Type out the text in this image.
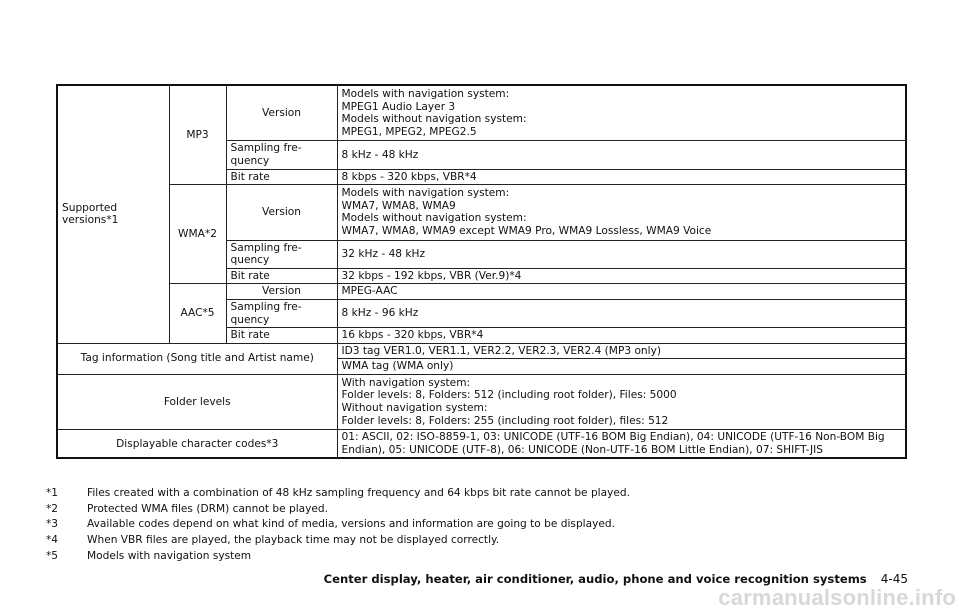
Supported
versions*1	MP3	Version	Models with navigation system:
MPEG1 Audio Layer 3
Models without navigation system:
MPEG1, MPEG2, MPEG2.5

		Sampling fre-
quency	8 kHz - 48 kHz
		Bit rate	8 kbps - 320 kbps, VBR*4
	WMA*2	Version	Models with navigation system:
WMA7, WMA8, WMA9
Models without navigation system:
WMA7, WMA8, WMA9 except WMA9 Pro, WMA9 Lossless, WMA9 Voice

		Sampling fre-
quency	32 kHz - 48 kHz
		Bit rate	32 kbps - 192 kbps, VBR (Ver.9)*4
	AAC*5	Version	MPEG-AAC

		Sampling fre-
quency	8 kHz - 96 kHz
		Bit rate	16 kbps - 320 kbps, VBR*4
Tag information (Song title and Artist name)			ID3 tag VER1.0, VER1.1, VER2.2, VER2.3, VER2.4 (MP3 only)
			WMA tag (WMA only)
Folder levels			With navigation system:
Folder levels: 8, Folders: 512 (including root folder), Files: 5000
Without navigation system:
Folder levels: 8, Folders: 255 (including root folder), files: 512

Displayable character codes*3			01: ASCII, 02: ISO-8859-1, 03: UNICODE (UTF-16 BOM Big Endian), 04: UNICODE (UTF-16 Non-BOM Big
Endian), 05: UNICODE (UTF-8), 06: UNICODE (Non-UTF-16 BOM Little Endian), 07: SHIFT-JIS
*1	Files created with a combination of 48 kHz sampling frequency and 64 kbps bit rate cannot be played.
*2	Protected WMA files (DRM) cannot be played.
*3	Available codes depend on what kind of media, versions and information are going to be displayed.
*4	When VBR files are played, the playback time may not be displayed correctly.
*5	Models with navigation system
Center display, heater, air conditioner, audio, phone and voice recognition systems 4-45
carmanualsonline.info
